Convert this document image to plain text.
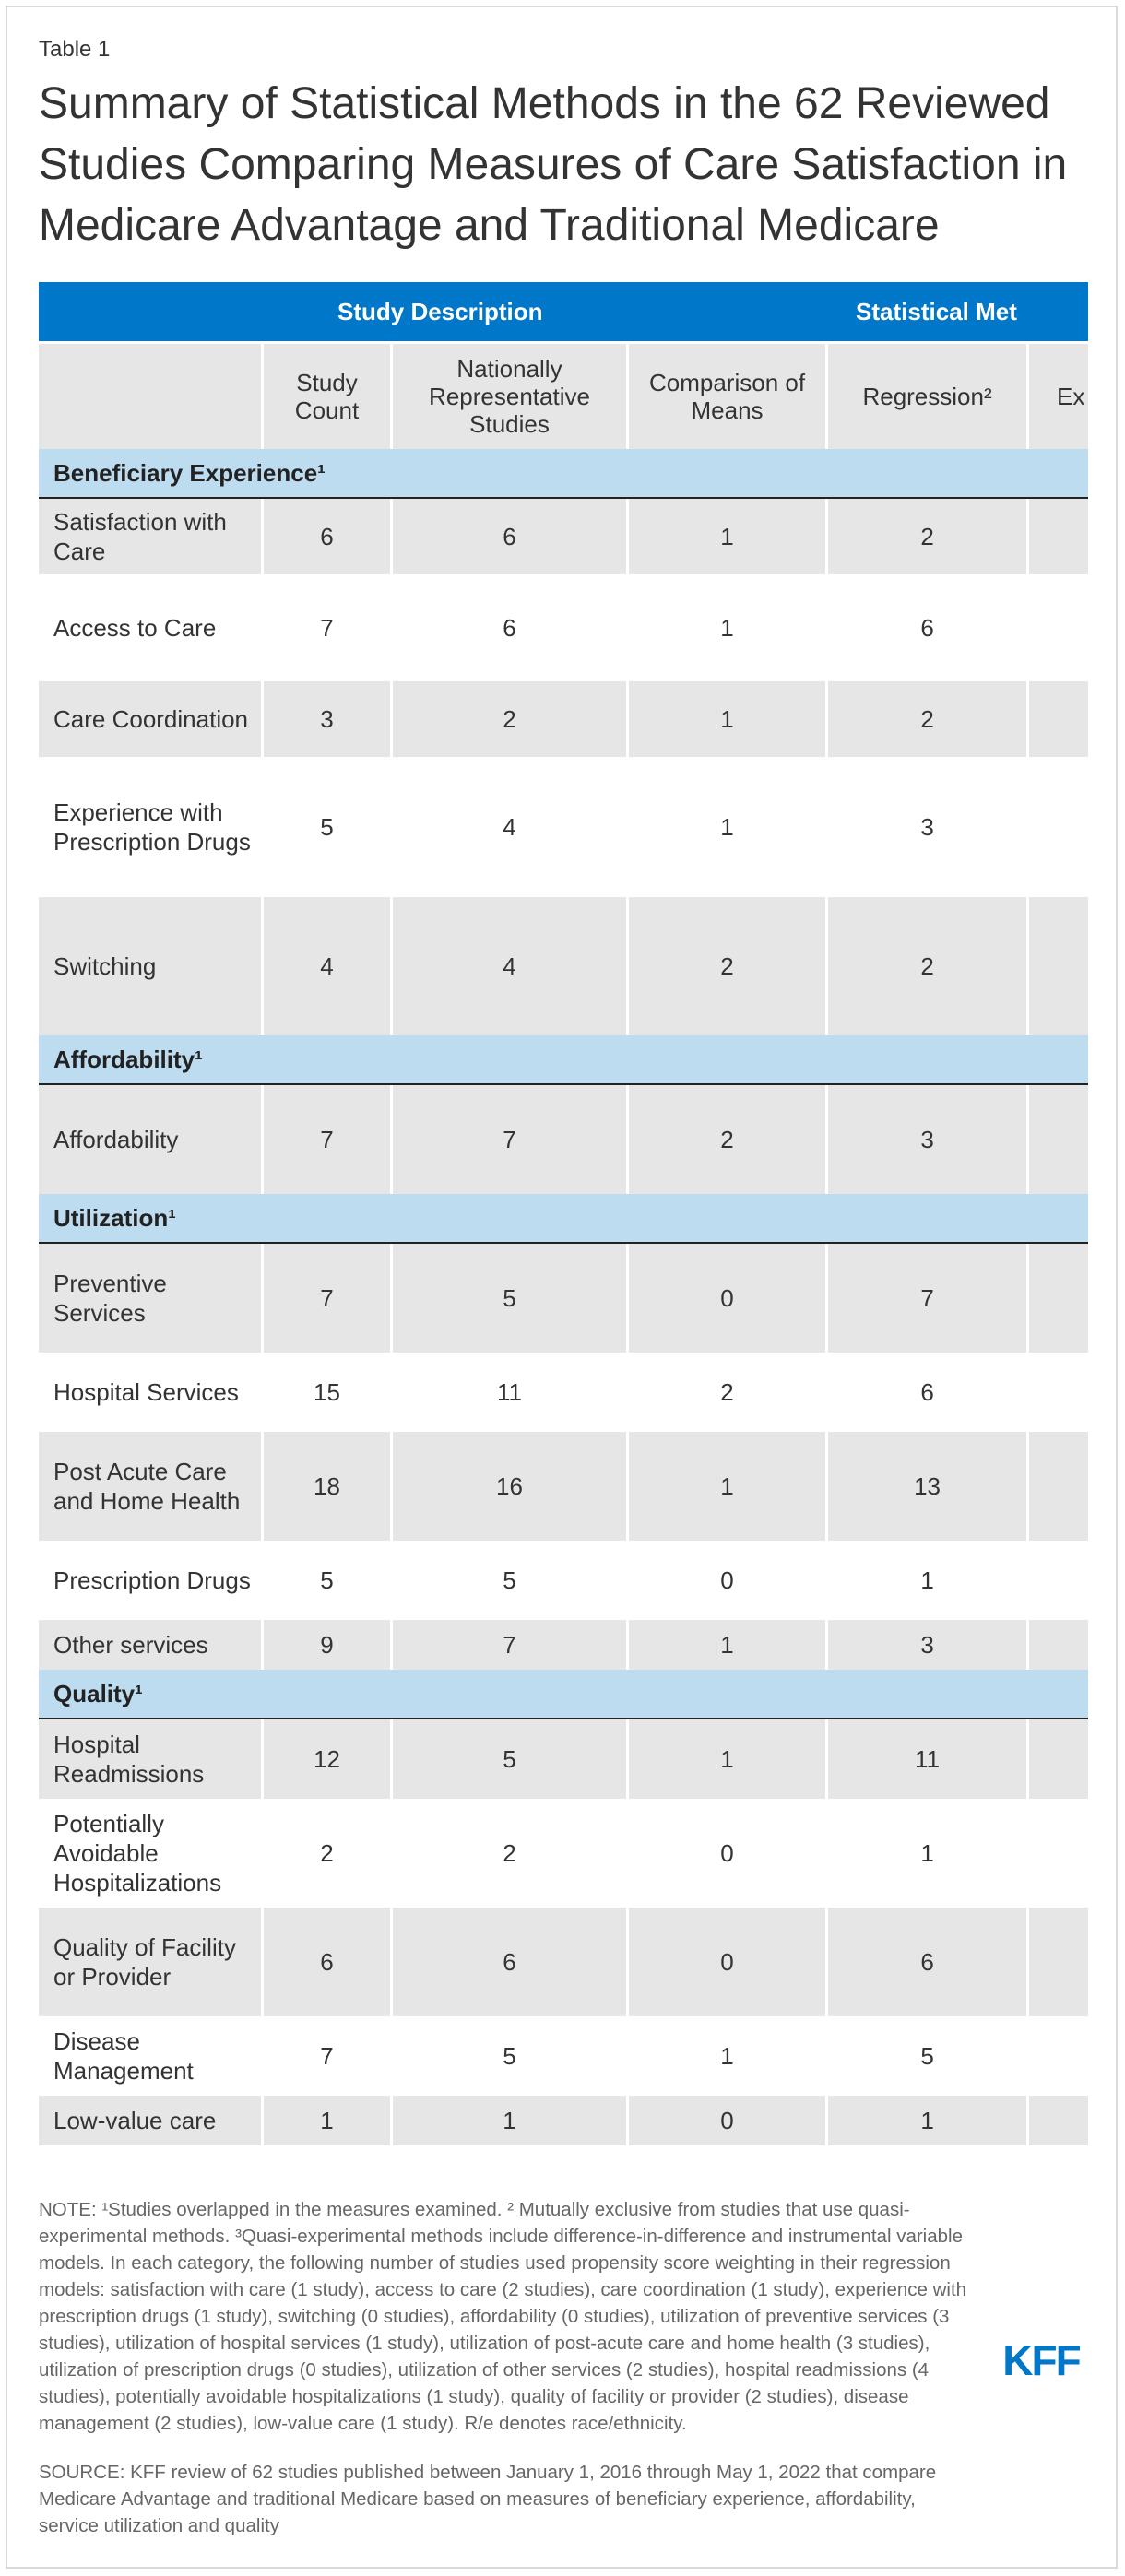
Table 1
Summary of Statistical Methods in the 62 Reviewed Studies Comparing Measures of Care Satisfaction in Medicare Advantage and Traditional Medicare
Study Description				Statistical Met	
	Study Count	Nationally Representative Studies	Comparison of Means	Regression²	Ex
Beneficiary Experience¹					
Satisfaction with Care	6	6	1	2	
Access to Care	7	6	1	6	
Care Coordination	3	2	1	2	
Experience with Prescription Drugs	5	4	1	3	
Switching	4	4	2	2	
Affordability¹					
Affordability	7	7	2	3	
Utilization¹					
Preventive Services	7	5	0	7	
Hospital Services	15	11	2	6	
Post Acute Care and Home Health	18	16	1	13	
Prescription Drugs	5	5	0	1	
Other services	9	7	1	3	
Quality¹					
Hospital Readmissions	12	5	1	11	
Potentially Avoidable Hospitalizations	2	2	0	1	
Quality of Facility or Provider	6	6	0	6	
Disease Management	7	5	1	5	
Low-value care	1	1	0	1	

NOTE: ¹Studies overlapped in the measures examined. ² Mutually exclusive from studies that use quasi-experimental methods. ³Quasi-experimental methods include difference-in-difference and instrumental variable models. In each category, the following number of studies used propensity score weighting in their regression models: satisfaction with care (1 study), access to care (2 studies), care coordination (1 study), experience with prescription drugs (1 study), switching (0 studies), affordability (0 studies), utilization of preventive services (3 studies), utilization of hospital services (1 study), utilization of post-acute care and home health (3 studies), utilization of prescription drugs (0 studies), utilization of other services (2 studies), hospital readmissions (4 studies), potentially avoidable hospitalizations (1 study), quality of facility or provider (2 studies), disease management (2 studies), low-value care (1 study). R/e denotes race/ethnicity.

SOURCE: KFF review of 62 studies published between January 1, 2016 through May 1, 2022 that compare Medicare Advantage and traditional Medicare based on measures of beneficiary experience, affordability, service utilization and quality

KFF
